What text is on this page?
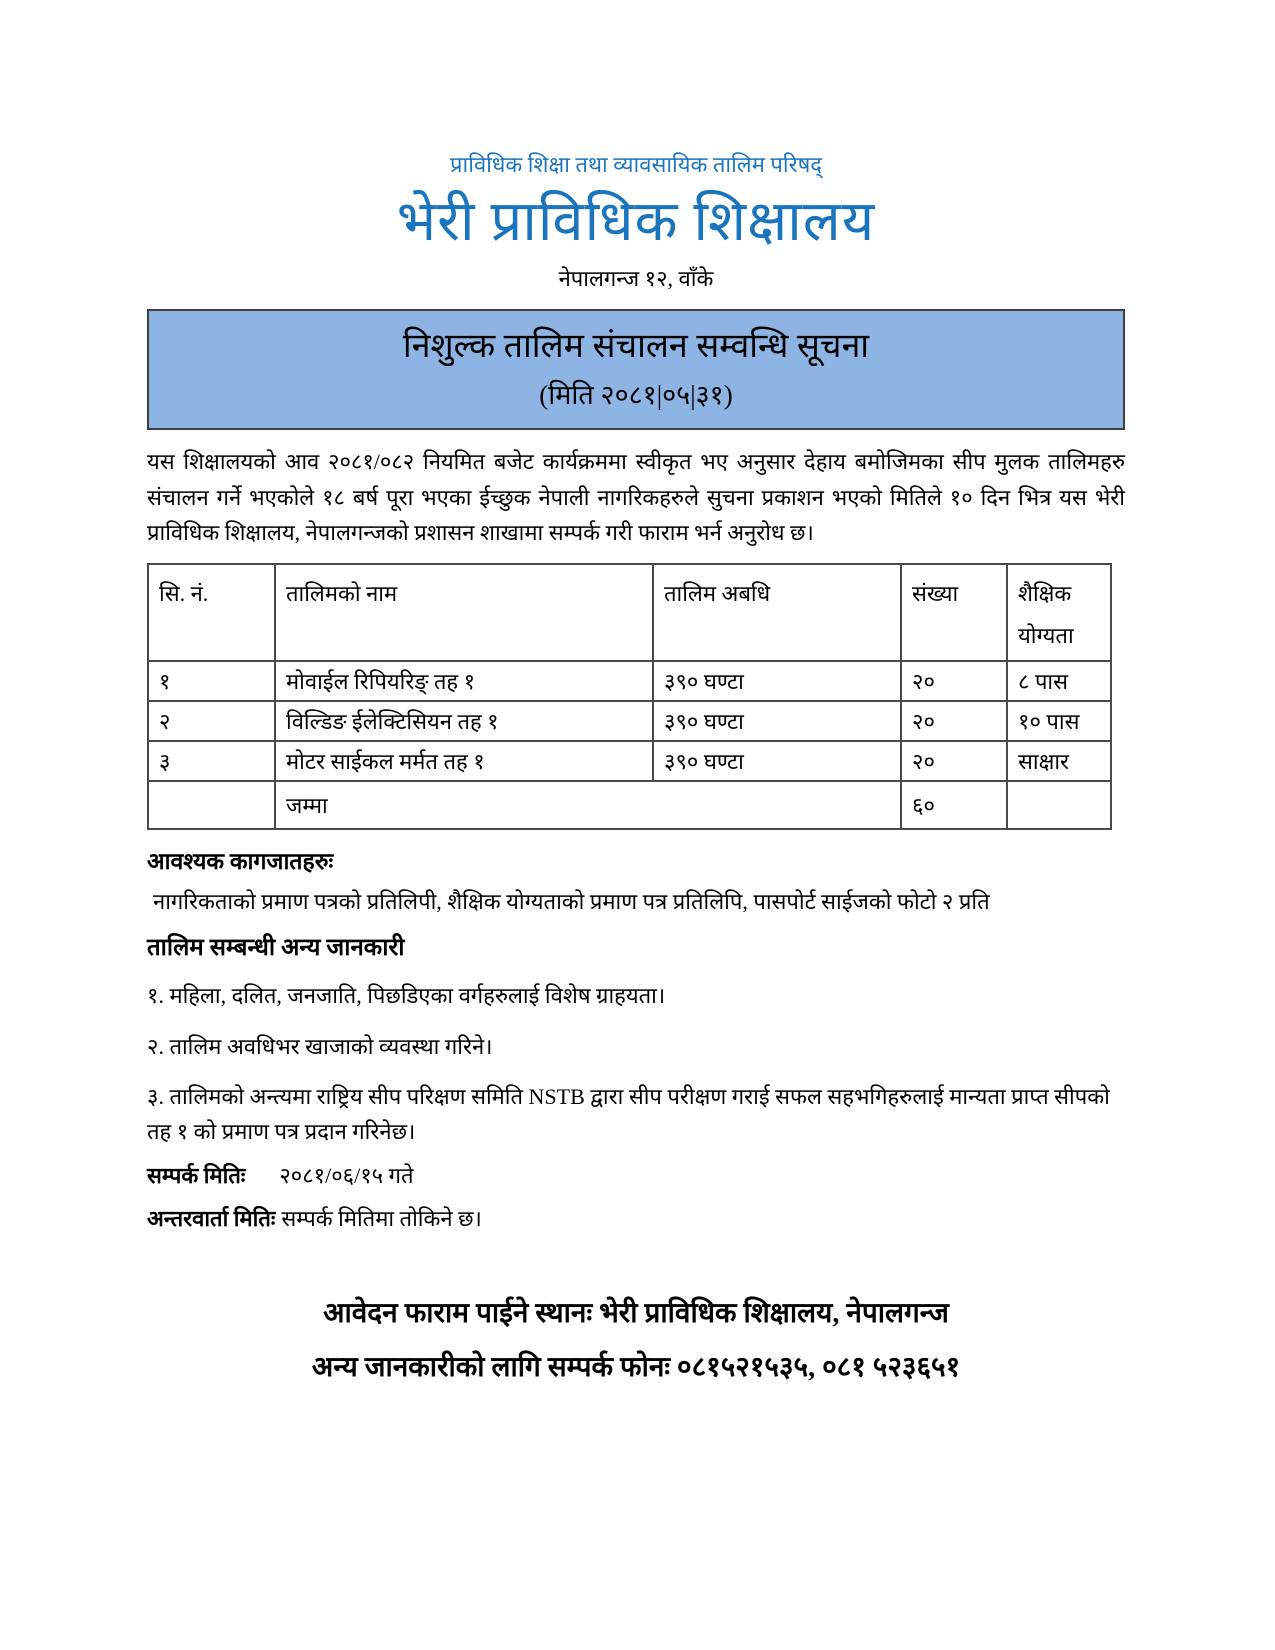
प्राविधिक शिक्षा तथा व्यावसायिक तालिम परिषद्
भेरी प्राविधिक शिक्षालय
नेपालगन्ज १२, वाँके
निशुल्क तालिम संचालन सम्वन्धि सूचना
(मिति २०८१|०५|३१)
यस शिक्षालयको आव २०८१/०८२ नियमित बजेट कार्यक्रममा स्वीकृत भए अनुसार देहाय बमोजिमका सीप मुलक तालिमहरु संचालन गर्ने भएकोले १८ बर्ष पूरा भएका ईच्छुक नेपाली नागरिकहरुले सुचना प्रकाशन भएको मितिले १० दिन भित्र यस भेरी प्राविधिक शिक्षालय, नेपालगन्जको प्रशासन शाखामा सम्पर्क गरी फाराम भर्न अनुरोध छ।
सि. नं.	तालिमको नाम	तालिम अबधि	संख्या	शैक्षिक योग्यता
१	मोवाईल रिपियरिङ् तह १	३९० घण्टा	२०	८ पास
२	विल्डिङ ईलेक्टिसियन तह १	३९० घण्टा	२०	१० पास
३	मोटर साईकल मर्मत तह १	३९० घण्टा	२०	साक्षार
	जम्मा		६०	
आवश्यक कागजातहरुः
नागरिकताको प्रमाण पत्रको प्रतिलिपी, शैक्षिक योग्यताको प्रमाण पत्र प्रतिलिपि, पासपोर्ट साईजको फोटो २ प्रति
तालिम सम्बन्धी अन्य जानकारी
१. महिला, दलित, जनजाति, पिछडिएका वर्गहरुलाई विशेष ग्राहयता।
२. तालिम अवधिभर खाजाको व्यवस्था गरिने।
३. तालिमको अन्त्यमा राष्ट्रिय सीप परिक्षण समिति NSTB द्वारा सीप परीक्षण गराई सफल सहभगिहरुलाई मान्यता प्राप्त सीपको तह १ को प्रमाण पत्र प्रदान गरिनेछ।
सम्पर्क मितिः २०८१/०६/१५ गते
अन्तरवार्ता मितिः सम्पर्क मितिमा तोकिने छ।
आवेदन फाराम पाईने स्थानः भेरी प्राविधिक शिक्षालय, नेपालगन्ज
अन्य जानकारीको लागि सम्पर्क फोनः ०८१५२१५३५, ०८१ ५२३६५१
